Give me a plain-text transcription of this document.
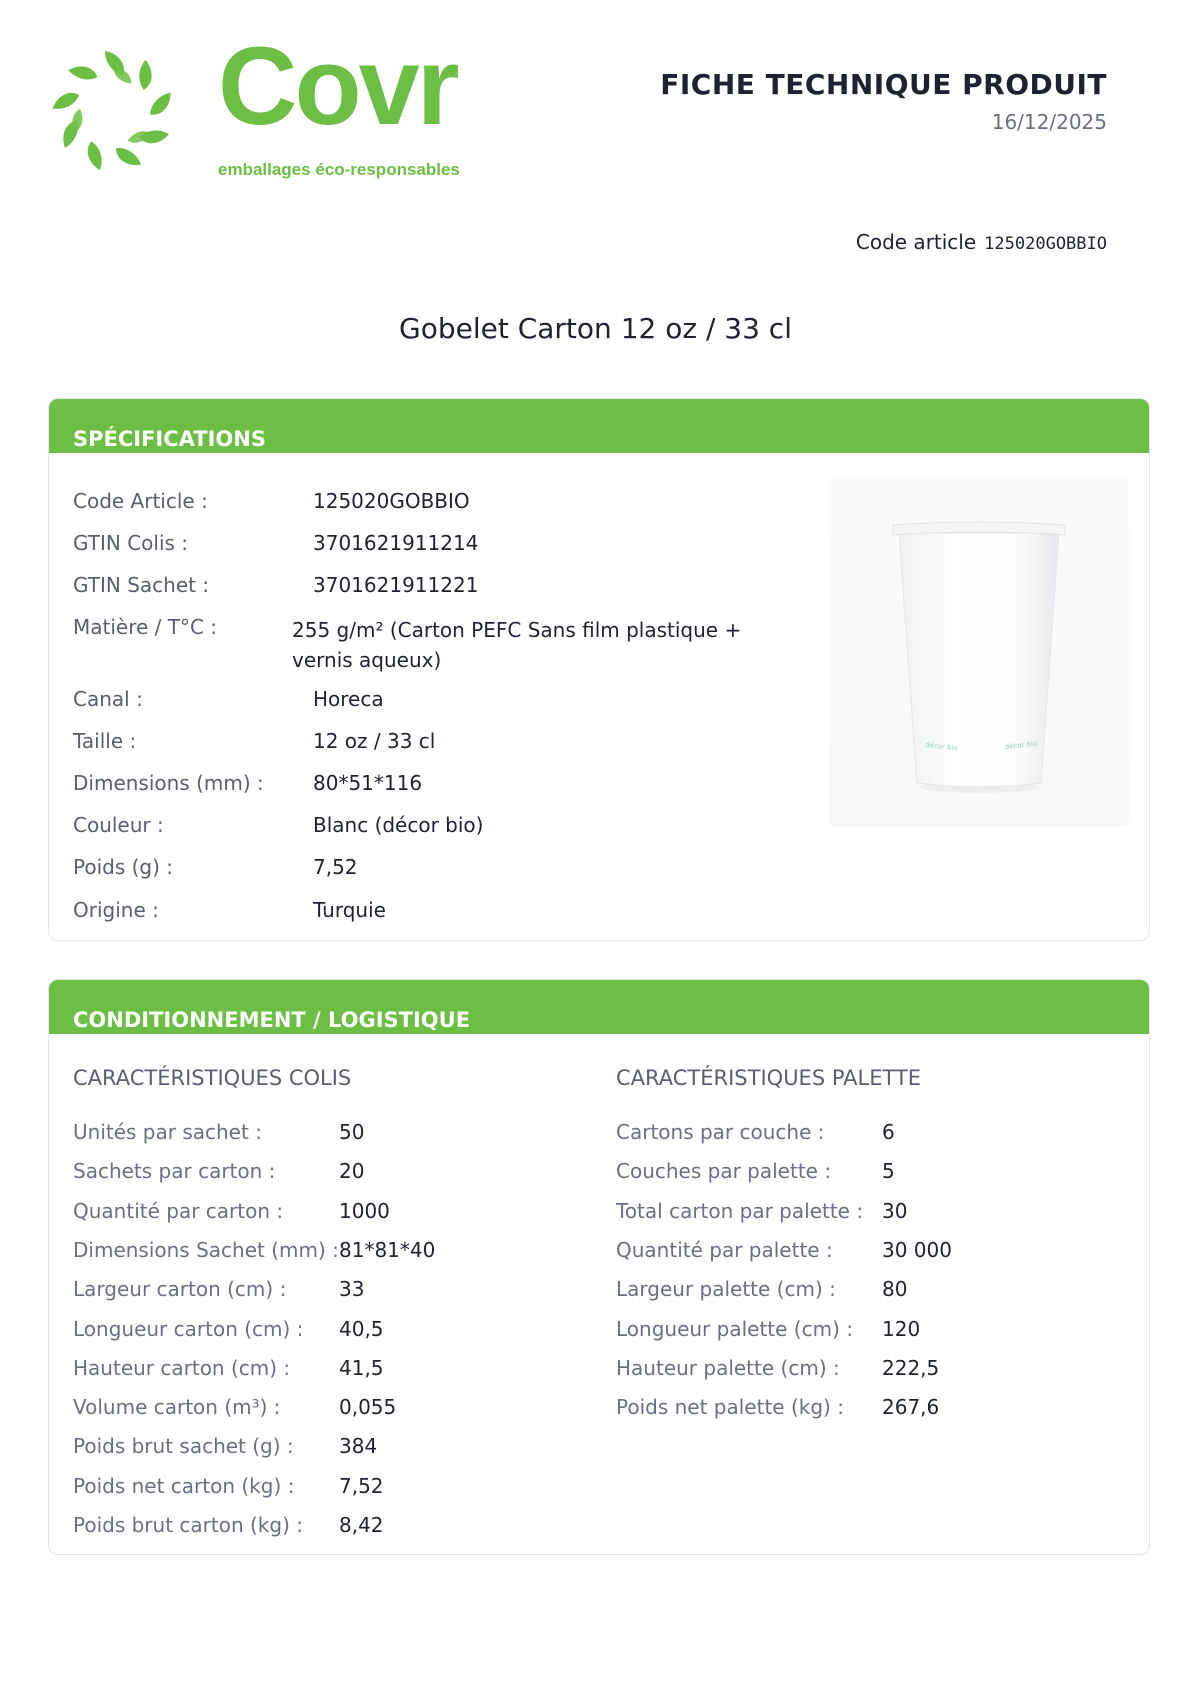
Covr
emballages éco-responsables
FICHE TECHNIQUE PRODUIT
16/12/2025
Code article 125020GOBBIO
Gobelet Carton 12 oz / 33 cl
SPÉCIFICATIONS
Code Article :	125020GOBBIO
GTIN Colis :	3701621911214
GTIN Sachet :	3701621911221
Matière / T°C :	255 g/m² (Carton PEFC Sans film plastique + vernis aqueux)
Canal :	Horeca
Taille :	12 oz / 33 cl
Dimensions (mm) : 80*51*116
Couleur :	Blanc (décor bio)
Poids (g) :	7,52
Origine :	Turquie
décor bio	décor bio
CONDITIONNEMENT / LOGISTIQUE
CARACTÉRISTIQUES COLIS	CARACTÉRISTIQUES PALETTE
Unités par sachet :	50
Sachets par carton :	20
Quantité par carton :	1000
Dimensions Sachet (mm) : 81*81*40
Largeur carton (cm) :	33
Longueur carton (cm) : 40,5
Hauteur carton (cm) : 41,5
Volume carton (m³) :	0,055
Poids brut sachet (g) : 384
Poids net carton (kg) : 7,52
Poids brut carton (kg) : 8,42
Cartons par couche :	6
Couches par palette :	5
Total carton par palette : 30
Quantité par palette : 30 000
Largeur palette (cm) : 80
Longueur palette (cm) : 120
Hauteur palette (cm) : 222,5
Poids net palette (kg) : 267,6
